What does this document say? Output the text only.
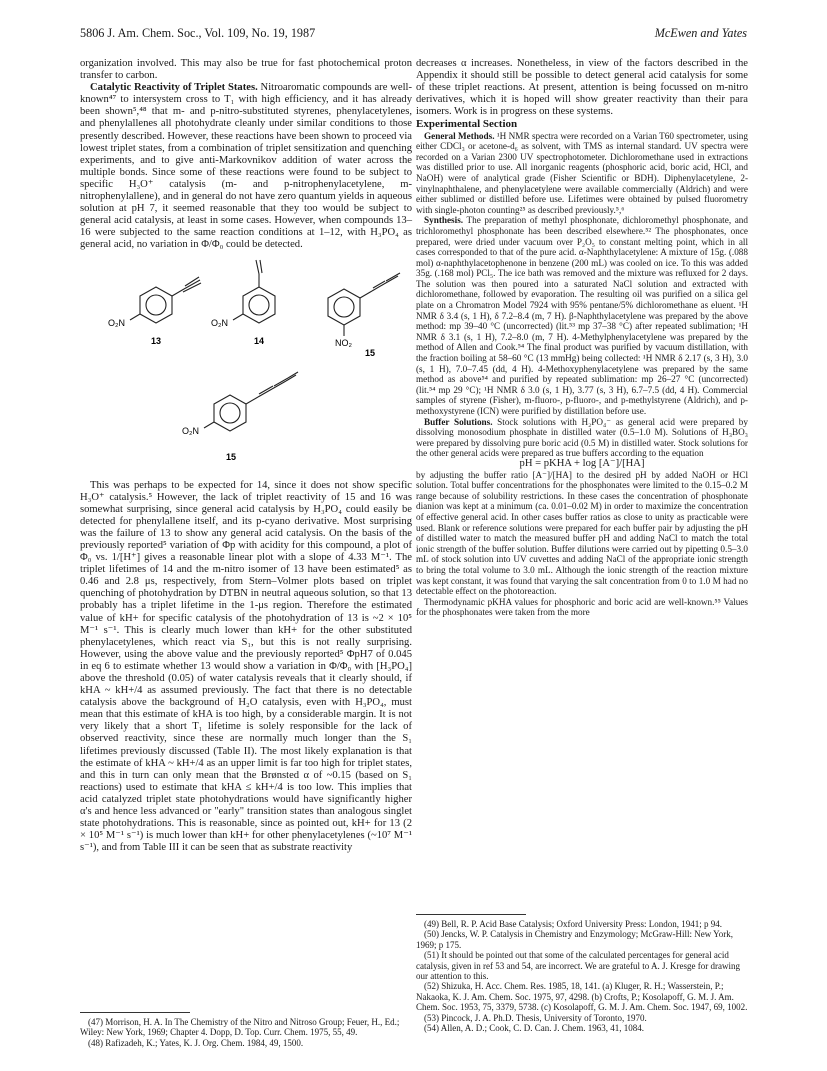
5806 J. Am. Chem. Soc., Vol. 109, No. 19, 1987	McEwen and Yates

organization involved. This may also be true for fast photochemical proton transfer to carbon.

Catalytic Reactivity of Triplet States. Nitroaromatic compounds are well-known⁴⁷ to intersystem cross to T₁ with high efficiency, and it has already been shown⁵,⁴⁸ that m- and p-nitro-substituted styrenes, phenylacetylenes, and phenylallenes all photohydrate cleanly under similar conditions to those presently described. However, these reactions have been shown to proceed via lowest triplet states, from a combination of triplet sensitization and quenching experiments, and to give anti-Markovnikov addition of water across the multiple bonds. Since some of these reactions were found to be subject to specific H₃O⁺ catalysis (m- and p-nitrophenylacetylene, m-nitrophenylallene), and in general do not have zero quantum yields in aqueous solution at pH 7, it seemed reasonable that they too would be subject to general acid catalysis, at least in some cases. However, when compounds 13–16 were subjected to the same reaction conditions at 1–12, with H₃PO₄ as general acid, no variation in Φ/Φ₀ could be detected.

O₂N	O₂N
NO₂
O₂N
13	14
15
15

This was perhaps to be expected for 14, since it does not show specific H₃O⁺ catalysis.⁵ However, the lack of triplet reactivity of 15 and 16 was somewhat surprising, since general acid catalysis by H₃PO₄ could easily be detected for phenylallene itself, and its p-cyano derivative. Most surprising was the failure of 13 to show any general acid catalysis. On the basis of the previously reported⁵ variation of Φp with acidity for this compound, a plot of Φ₀ vs. 1/[H⁺] gives a reasonable linear plot with a slope of 4.33 M⁻¹. The triplet lifetimes of 14 and the m-nitro isomer of 13 have been estimated⁵ as 0.46 and 2.8 μs, respectively, from Stern–Volmer plots based on triplet quenching of photohydration by DTBN in neutral aqueous solution, so that 13 probably has a triplet lifetime in the 1-μs region. Therefore the estimated value of kH+ for specific catalysis of the photohydration of 13 is ~2 × 10⁵ M⁻¹ s⁻¹. This is clearly much lower than kH+ for the other substituted phenylacetylenes, which react via S₁, but this is not really surprising. However, using the above value and the previously reported⁵ ΦpH7 of 0.045 in eq 6 to estimate whether 13 would show a variation in Φ/Φ₀ with [H₃PO₄] above the threshold (0.05) of water catalysis reveals that it clearly should, if kHA ~ kH+/4 as assumed previously. The fact that there is no detectable catalysis above the background of H₂O catalysis, even with H₃PO₄, must mean that this estimate of kHA is too high, by a considerable margin. It is not very likely that a short T₁ lifetime is solely responsible for the lack of observed reactivity, since these are normally much longer than the S₁ lifetimes previously discussed (Table II). The most likely explanation is that the estimate of kHA ~ kH+/4 as an upper limit is far too high for triplet states, and this in turn can only mean that the Brønsted α of ~0.15 (based on S₁ reactions) used to estimate that kHA ≤ kH+/4 is too low. This implies that acid catalyzed triplet state photohydrations would have significantly higher α's and hence less advanced or "early" transition states than analogous singlet state photohydrations. This is reasonable, since as pointed out, kH+ for 13 (2 × 10⁵ M⁻¹ s⁻¹) is much lower than kH+ for other phenylacetylenes (~10⁷ M⁻¹ s⁻¹), and from Table III it can be seen that as substrate reactivity

(47) Morrison, H. A. In The Chemistry of the Nitro and Nitroso Group; Feuer, H., Ed.; Wiley: New York, 1969; Chapter 4. Dopp, D. Top. Curr. Chem. 1975, 55, 49.

(48) Rafizadeh, K.; Yates, K. J. Org. Chem. 1984, 49, 1500.

decreases α increases. Nonetheless, in view of the factors described in the Appendix it should still be possible to detect general acid catalysis for some of these triplet reactions. At present, attention is being focussed on m-nitro derivatives, which it is hoped will show greater reactivity than their para isomers. Work is in progress on these systems.

Experimental Section

General Methods. ¹H NMR spectra were recorded on a Varian T60 spectrometer, using either CDCl₃ or acetone-d₆ as solvent, with TMS as internal standard. UV spectra were recorded on a Varian 2300 UV spectrophotometer. Dichloromethane used in extractions was distilled prior to use. All inorganic reagents (phosphoric acid, boric acid, HCl, and NaOH) were of analytical grade (Fisher Scientific or BDH). Diphenylacetylene, 2-vinylnaphthalene, and phenylacetylene were available commercially (Aldrich) and were either sublimed or distilled before use. Lifetimes were obtained by pulsed fluorometry with single-photon counting²⁵ as described previously.⁵,⁶

Synthesis. The preparation of methyl phosphonate, dichloromethyl phosphonate, and trichloromethyl phosphonate has been described elsewhere.⁵² The phosphonates, once prepared, were dried under vacuum over P₂O₅ to constant melting point, which in all cases corresponded to that of the pure acid. α-Naphthylacetylene: A mixture of 15g. (.088 mol) α-naphthylacetophenone in benzene (200 mL) was cooled on ice. To this was added 35g. (.168 mol) PCl₅. The ice bath was removed and the mixture was refluxed for 2 days. The solution was then poured into a saturated NaCl solution and extracted with dichloromethane, followed by evaporation. The resulting oil was purified on a silica gel plate on a Chromatron Model 7924 with 95% pentane/5% dichloromethane as eluent. ¹H NMR δ 3.4 (s, 1 H), δ 7.2–8.4 (m, 7 H). β-Naphthylacetylene was prepared by the above method: mp 39–40 °C (uncorrected) (lit.⁵³ mp 37–38 °C) after repeated sublimation; ¹H NMR δ 3.1 (s, 1 H), 7.2–8.0 (m, 7 H). 4-Methylphenylacetylene was prepared by the method of Allen and Cook.⁵⁴ The final product was purified by vacuum distillation, with the fraction boiling at 58–60 °C (13 mmHg) being collected: ¹H NMR δ 2.17 (s, 3 H), 3.0 (s, 1 H), 7.0–7.45 (dd, 4 H). 4-Methoxyphenylacetylene was prepared by the same method as above⁵⁴ and purified by repeated sublimation: mp 26–27 °C (uncorrected) (lit.⁵⁴ mp 29 °C); ¹H NMR δ 3.0 (s, 1 H), 3.77 (s, 3 H), 6.7–7.5 (dd, 4 H). Commercial samples of styrene (Fisher), m-fluoro-, p-fluoro-, and p-methylstyrene (Aldrich), and p-methoxystyrene (ICN) were purified by distillation before use.

Buffer Solutions. Stock solutions with H₂PO₄⁻ as general acid were prepared by dissolving monosodium phosphate in distilled water (0.5–1.0 M). Solutions of H₃BO₃ were prepared by dissolving pure boric acid (0.5 M) in distilled water. Stock solutions for the other general acids were prepared as true buffers according to the equation

pH = pKHA + log [A⁻]/[HA]

by adjusting the buffer ratio [A⁻]/[HA] to the desired pH by added NaOH or HCl solution. Total buffer concentrations for the phosphonates were limited to the 0.15–0.2 M range because of solubility restrictions. In these cases the concentration of phosphonate dianion was kept at a minimum (ca. 0.01–0.02 M) in order to maximize the concentration of effective general acid. In other cases buffer ratios as close to unity as practicable were used. Blank or reference solutions were prepared for each buffer pair by adjusting the pH of distilled water to match the measured buffer pH and adding NaCl to match the total ionic strength of the buffer solution. Buffer dilutions were carried out by pipetting 0.5–3.0 mL of stock solution into UV cuvettes and adding NaCl of the appropriate ionic strength to bring the total volume to 3.0 mL. Although the ionic strength of the reaction mixture was kept constant, it was found that varying the salt concentration from 0 to 1.0 M had no detectable effect on the photoreaction.

Thermodynamic pKHA values for phosphoric and boric acid are well-known.⁵⁵ Values for the phosphonates were taken from the more

(49) Bell, R. P. Acid Base Catalysis; Oxford University Press: London, 1941; p 94.

(50) Jencks, W. P. Catalysis in Chemistry and Enzymology; McGraw-Hill: New York, 1969; p 175.

(51) It should be pointed out that some of the calculated percentages for general acid catalysis, given in ref 53 and 54, are incorrect. We are grateful to A. J. Kresge for drawing our attention to this.

(52) Shizuka, H. Acc. Chem. Res. 1985, 18, 141. (a) Kluger, R. H.; Wasserstein, P.; Nakaoka, K. J. Am. Chem. Soc. 1975, 97, 4298. (b) Crofts, P.; Kosolapoff, G. M. J. Am. Chem. Soc. 1953, 75, 3379, 5738. (c) Kosolapoff, G. M. J. Am. Chem. Soc. 1947, 69, 1002.

(53) Pincock, J. A. Ph.D. Thesis, University of Toronto, 1970.

(54) Allen, A. D.; Cook, C. D. Can. J. Chem. 1963, 41, 1084.
